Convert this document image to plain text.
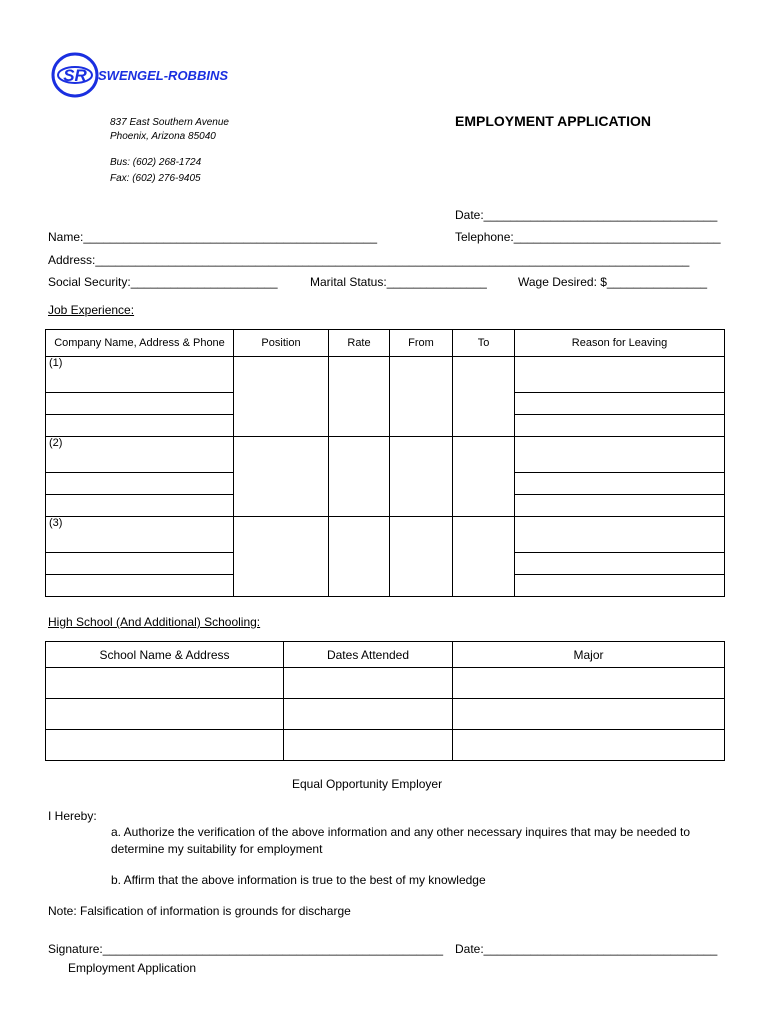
SR SWENGEL-ROBBINS
837 East Southern Avenue
Phoenix, Arizona 85040
Bus: (602) 268-1724
Fax: (602) 276-9405
EMPLOYMENT APPLICATION
Date:___________________________________
Name:____________________________________________	Telephone:_______________________________
Address:_________________________________________________________________________________________
Social Security:______________________	Marital Status:_______________	Wage Desired: $_______________
Job Experience:
Company Name, Address & Phone	Position	Rate	From	To	Reason for Leaving
(1)					

(2)					

(3)					

High School (And Additional) Schooling:
School Name & Address	Dates Attended	Major

Equal Opportunity Employer
I Hereby:
a. Authorize the verification of the above information and any other necessary inquires that may be needed to
determine my suitability for employment
b. Affirm that the above information is true to the best of my knowledge
Note: Falsification of information is grounds for discharge
Signature:___________________________________________________ Date:___________________________________
Employment Application
